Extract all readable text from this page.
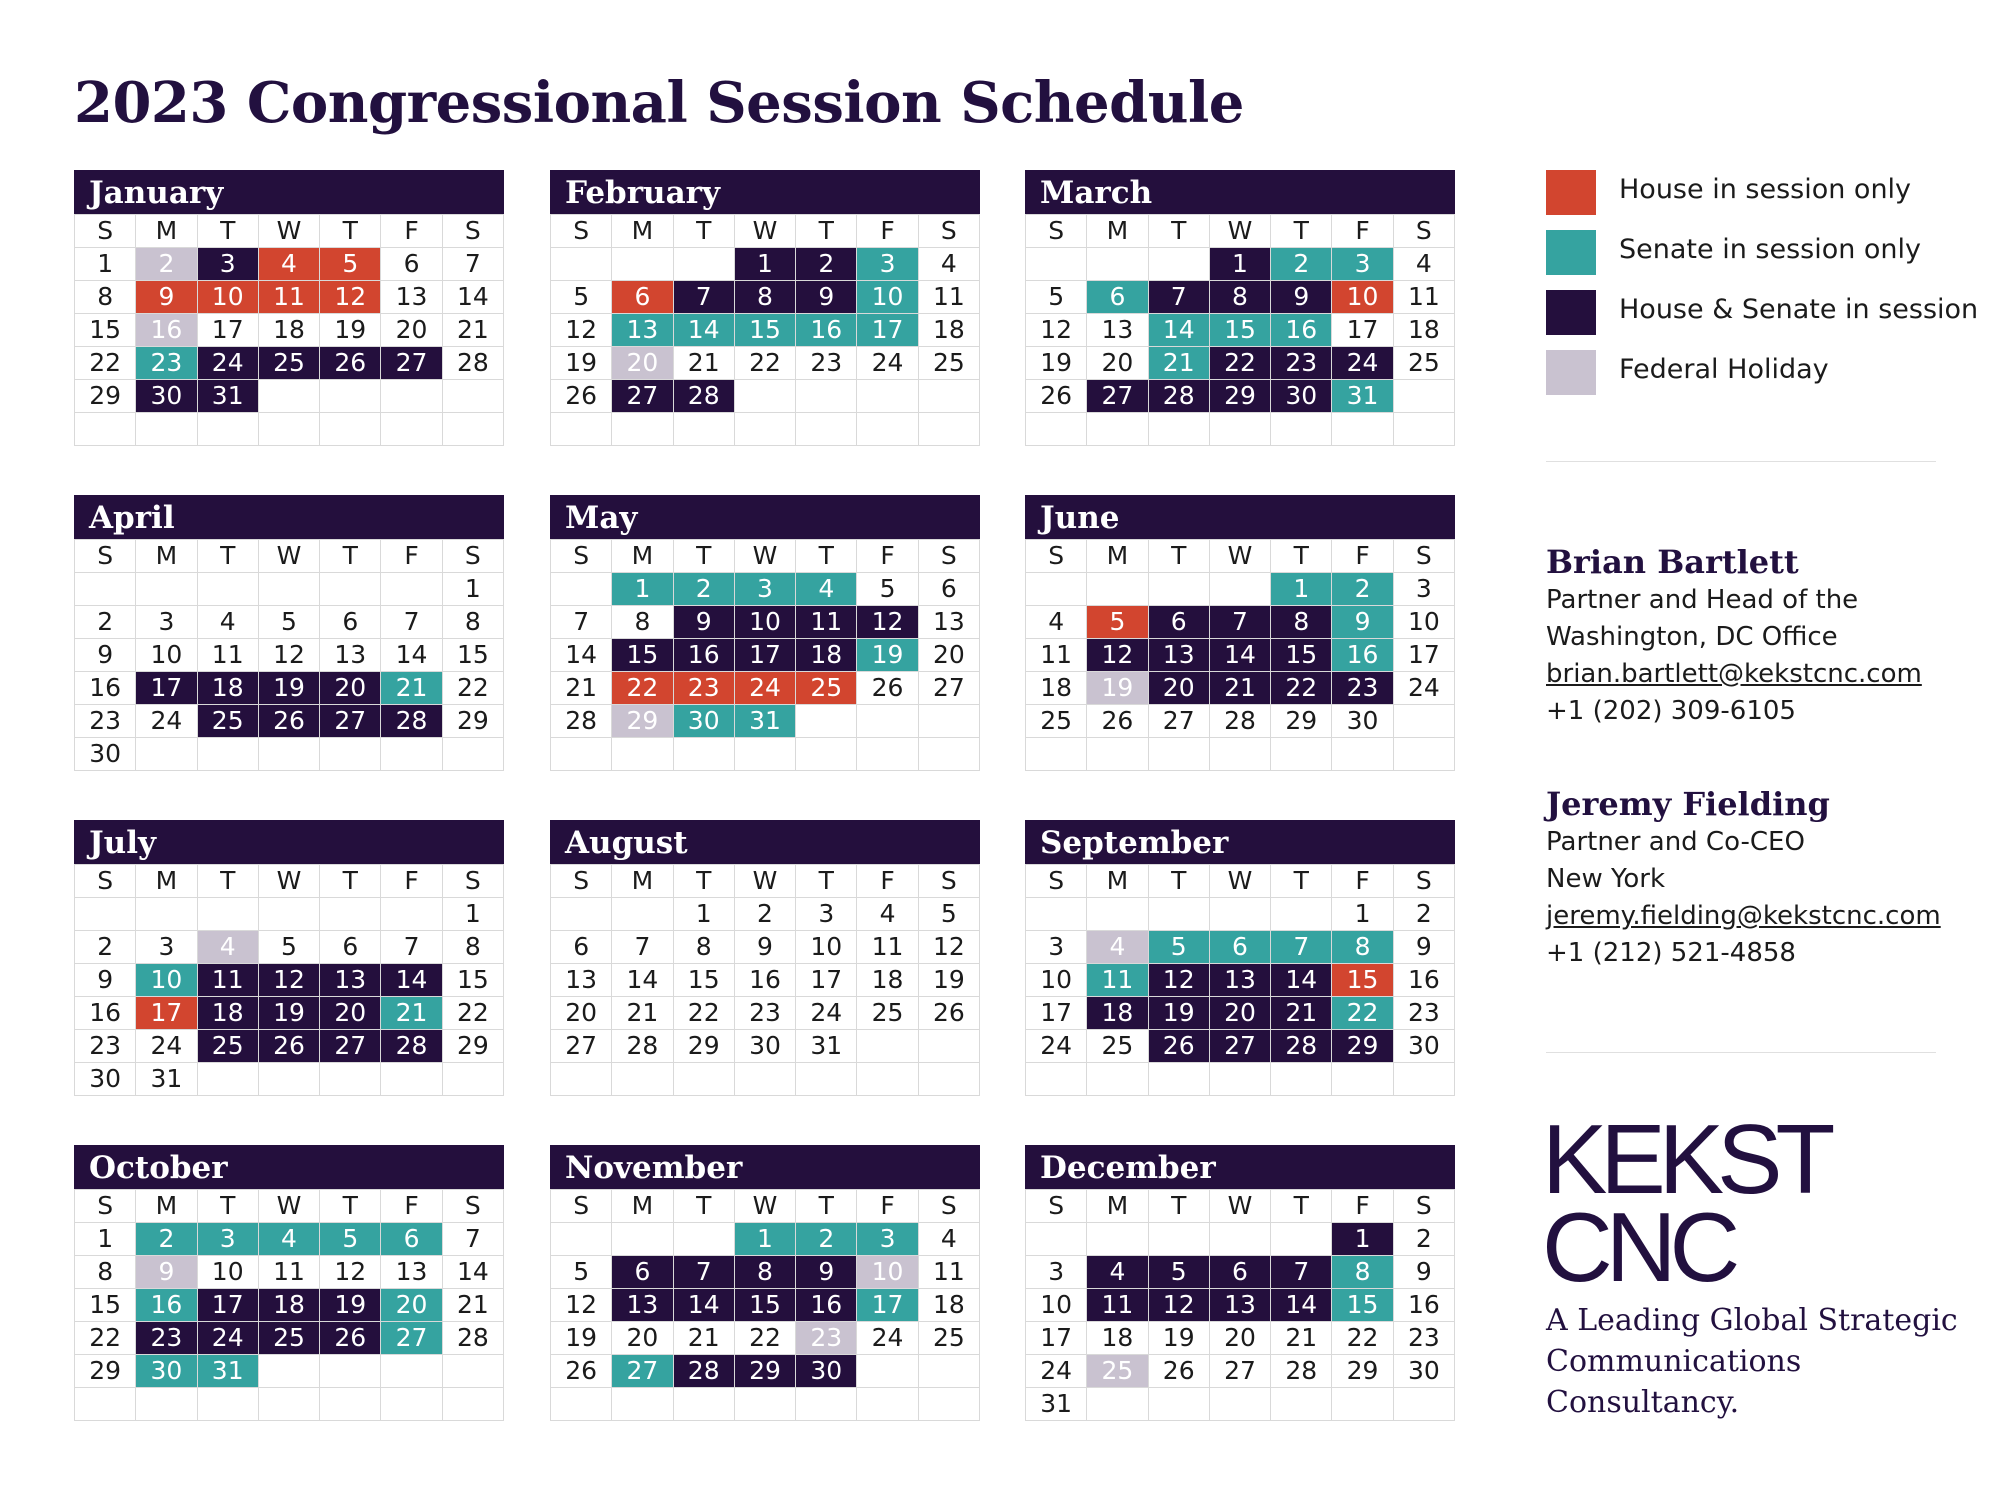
2023 Congressional Session Schedule
January
S	M	T	W	T	F	S
1	2	3	4	5	6	7
8	9	10	11	12	13	14
15	16	17	18	19	20	21
22	23	24	25	26	27	28
29	30	31				

February
S	M	T	W	T	F	S
			1	2	3	4
5	6	7	8	9	10	11
12	13	14	15	16	17	18
19	20	21	22	23	24	25
26	27	28				

March
S	M	T	W	T	F	S
			1	2	3	4
5	6	7	8	9	10	11
12	13	14	15	16	17	18
19	20	21	22	23	24	25
26	27	28	29	30	31	

April
S	M	T	W	T	F	S
						1
2	3	4	5	6	7	8
9	10	11	12	13	14	15
16	17	18	19	20	21	22
23	24	25	26	27	28	29
30						
May
S	M	T	W	T	F	S
	1	2	3	4	5	6
7	8	9	10	11	12	13
14	15	16	17	18	19	20
21	22	23	24	25	26	27
28	29	30	31			

June
S	M	T	W	T	F	S
				1	2	3
4	5	6	7	8	9	10
11	12	13	14	15	16	17
18	19	20	21	22	23	24
25	26	27	28	29	30	

July
S	M	T	W	T	F	S
						1
2	3	4	5	6	7	8
9	10	11	12	13	14	15
16	17	18	19	20	21	22
23	24	25	26	27	28	29
30	31					
August
S	M	T	W	T	F	S
		1	2	3	4	5
6	7	8	9	10	11	12
13	14	15	16	17	18	19
20	21	22	23	24	25	26
27	28	29	30	31		

September
S	M	T	W	T	F	S
					1	2
3	4	5	6	7	8	9
10	11	12	13	14	15	16
17	18	19	20	21	22	23
24	25	26	27	28	29	30

October
S	M	T	W	T	F	S
1	2	3	4	5	6	7
8	9	10	11	12	13	14
15	16	17	18	19	20	21
22	23	24	25	26	27	28
29	30	31				

November
S	M	T	W	T	F	S
			1	2	3	4
5	6	7	8	9	10	11
12	13	14	15	16	17	18
19	20	21	22	23	24	25
26	27	28	29	30		

December
S	M	T	W	T	F	S
					1	2
3	4	5	6	7	8	9
10	11	12	13	14	15	16
17	18	19	20	21	22	23
24	25	26	27	28	29	30
31						
House in session only
Senate in session only
House & Senate in session
Federal Holiday
Brian Bartlett
Partner and Head of the
Washington, DC Office
brian.bartlett@kekstcnc.com
+1 (202) 309-6105
Jeremy Fielding
Partner and Co-CEO
New York
jeremy.fielding@kekstcnc.com
+1 (212) 521-4858
KEKST
CNC
A Leading Global Strategic Communications Consultancy.
